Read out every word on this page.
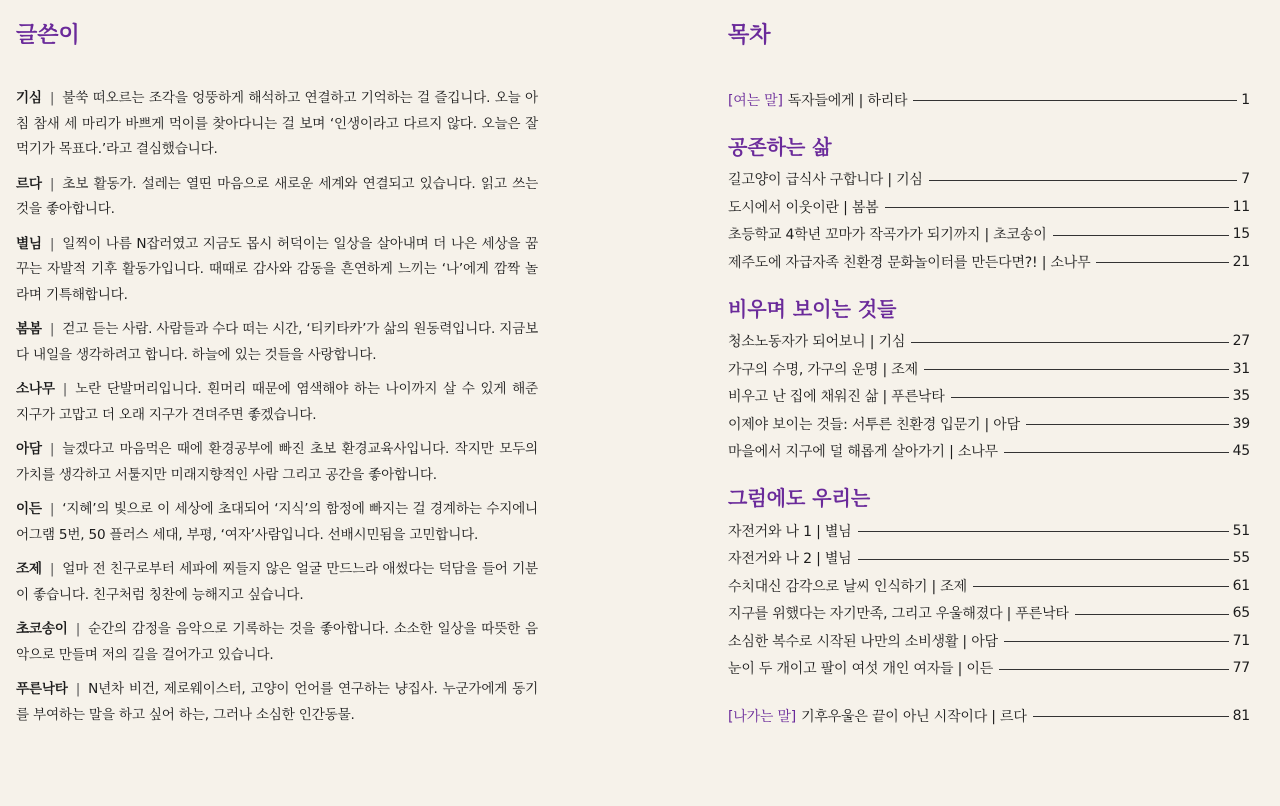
글쓴이

기심 | 불쑥 떠오르는 조각을 엉뚱하게 해석하고 연결하고 기억하는 걸 즐깁니다. 오늘 아침 참새 세 마리가 바쁘게 먹이를 찾아다니는 걸 보며 ‘인생이라고 다르지 않다. 오늘은 잘 먹기가 목표다.’라고 결심했습니다.

르다 | 초보 활동가. 설레는 열띤 마음으로 새로운 세계와 연결되고 있습니다. 읽고 쓰는 것을 좋아합니다.

별님 | 일찍이 나름 N잡러였고 지금도 몹시 허덕이는 일상을 살아내며 더 나은 세상을 꿈꾸는 자발적 기후 활동가입니다. 때때로 감사와 감동을 흔연하게 느끼는 ‘나’에게 깜짝 놀라며 기특해합니다.

봄봄 | 걷고 듣는 사람. 사람들과 수다 떠는 시간, ‘티키타카’가 삶의 원동력입니다. 지금보다 내일을 생각하려고 합니다. 하늘에 있는 것들을 사랑합니다.

소나무 | 노란 단발머리입니다. 흰머리 때문에 염색해야 하는 나이까지 살 수 있게 해준 지구가 고맙고 더 오래 지구가 견뎌주면 좋겠습니다.

아담 | 늘겠다고 마음먹은 때에 환경공부에 빠진 초보 환경교육사입니다. 작지만 모두의 가치를 생각하고 서툴지만 미래지향적인 사람 그리고 공간을 좋아합니다.

이든 | ‘지혜’의 빛으로 이 세상에 초대되어 ‘지식’의 함정에 빠지는 걸 경계하는 수지에니어그램 5번, 50 플러스 세대, 부평, ‘여자’사람입니다. 선배시민됨을 고민합니다.

조제 | 얼마 전 친구로부터 세파에 찌들지 않은 얼굴 만드느라 애썼다는 덕담을 들어 기분이 좋습니다. 친구처럼 칭찬에 능해지고 싶습니다.

초코송이 | 순간의 감정을 음악으로 기록하는 것을 좋아합니다. 소소한 일상을 따뜻한 음악으로 만들며 저의 길을 걸어가고 있습니다.

푸른낙타 | N년차 비건, 제로웨이스터, 고양이 언어를 연구하는 냥집사. 누군가에게 동기를 부여하는 말을 하고 싶어 하는, 그러나 소심한 인간동물.

목차
[여는 말] 독자들에게 | 하리타	1
공존하는 삶
길고양이 급식사 구합니다 | 기심	7
도시에서 이웃이란 | 봄봄	11
초등학교 4학년 꼬마가 작곡가가 되기까지 | 초코송이	15
제주도에 자급자족 친환경 문화놀이터를 만든다면?! | 소나무	21
비우며 보이는 것들
청소노동자가 되어보니 | 기심	27
가구의 수명, 가구의 운명 | 조제	31
비우고 난 집에 채워진 삶 | 푸른낙타	35
이제야 보이는 것들: 서투른 친환경 입문기 | 아담	39
마을에서 지구에 덜 해롭게 살아가기 | 소나무	45
그럼에도 우리는
자전거와 나 1 | 별님	51
자전거와 나 2 | 별님	55
수치대신 감각으로 날씨 인식하기 | 조제	61
지구를 위했다는 자기만족, 그리고 우울해졌다 | 푸른낙타	65
소심한 복수로 시작된 나만의 소비생활 | 아담	71
눈이 두 개이고 팔이 여섯 개인 여자들 | 이든	77
[나가는 말] 기후우울은 끝이 아닌 시작이다 | 르다	81
